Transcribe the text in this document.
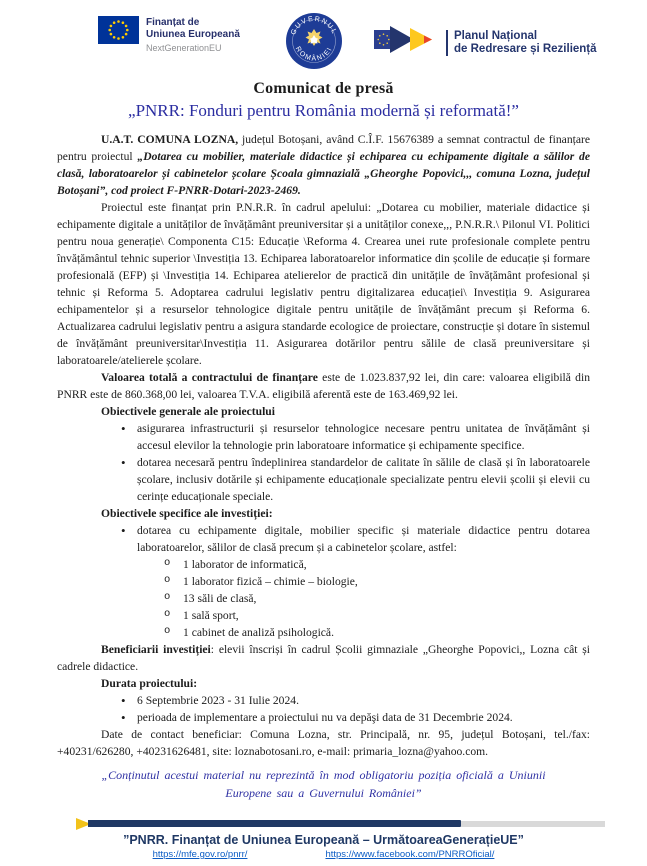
Finanțat de
Uniunea Europeană
NextGenerationEU
GUVERNUL
ROMÂNIEI
Planul Național
de Redresare și Reziliență
Comunicat de presă
„PNRR: Fonduri pentru România modernă și reformată!”

U.A.T. COMUNA LOZNA, județul Botoșani, având C.Î.F. 15676389 a semnat contractul de finanțare pentru proiectul „Dotarea cu mobilier, materiale didactice și echiparea cu echipamente digitale a sălilor de clasă, laboratoarelor și cabinetelor școlare Școala gimnazială „Gheorghe Popovici,,, comuna Lozna, județul Botoșani”, cod proiect F-PNRR-Dotari-2023-2469.

Proiectul este finanțat prin P.N.R.R. în cadrul apelului: „Dotarea cu mobilier, materiale didactice și echipamente digitale a unităților de învățământ preuniversitar și a unităților conexe,,, P.N.R.R.\ Pilonul VI. Politici pentru noua generație\ Componenta C15: Educație \Reforma 4. Crearea unei rute profesionale complete pentru învățământul tehnic superior \Investiția 13. Echiparea laboratoarelor informatice din școlile de educație și formare profesională (EFP) și \Investiția 14. Echiparea atelierelor de practică din unitățile de învățământ profesional și tehnic și Reforma 5. Adoptarea cadrului legislativ pentru digitalizarea educației\ Investiția 9. Asigurarea echipamentelor și a resurselor tehnologice digitale pentru unitățile de învățământ precum și Reforma 6. Actualizarea cadrului legislativ pentru a asigura standarde ecologice de proiectare, construcție și dotare în sistemul de învățământ preuniversitar\Investiția 11. Asigurarea dotărilor pentru sălile de clasă preuniversitare și laboratoarele/atelierele școlare.

Valoarea totală a contractului de finanțare este de 1.023.837,92 lei, din care: valoarea eligibilă din PNRR este de 860.368,00 lei, valoarea T.V.A. eligibilă aferentă este de 163.469,92 lei.

Obiectivele generale ale proiectului

• asigurarea infrastructurii și resurselor tehnologice necesare pentru unitatea de învățământ și accesul elevilor la tehnologie prin laboratoare informatice și echipamente specifice.

• dotarea necesară pentru îndeplinirea standardelor de calitate în sălile de clasă și în laboratoarele școlare, inclusiv dotările și echipamente educaționale specializate pentru elevii școlii și elevii cu cerințe educaționale speciale.

Obiectivele specifice ale investiției:

• dotarea cu echipamente digitale, mobilier specific și materiale didactice pentru dotarea laboratoarelor, sălilor de clasă precum și a cabinetelor școlare, astfel:

o 1 laborator de informatică,

o 1 laborator fizică – chimie – biologie,

o 13 săli de clasă,

o 1 sală sport,

o 1 cabinet de analiză psihologică.

Beneficiarii investiției: elevii înscriși în cadrul Școlii gimnaziale „Gheorghe Popovici,, Lozna cât și cadrele didactice.

Durata proiectului:

• 6 Septembrie 2023 - 31 Iulie 2024.

• perioada de implementare a proiectului nu va depăşi data de 31 Decembrie 2024.

Date de contact beneficiar: Comuna Lozna, str. Principală, nr. 95, județul Botoșani, tel./fax: +40231/626280, +40231626481, site: loznabotosani.ro, e-mail: primaria_lozna@yahoo.com.

„Conținutul acestui material nu reprezintă în mod obligatoriu poziția oficială a Uniunii
Europene sau a Guvernului României”
”PNRR. Finanțat de Uniunea Europeană – UrmătoareaGenerațieUE”
https://mfe.gov.ro/pnrr/	https://www.facebook.com/PNRROficial/
